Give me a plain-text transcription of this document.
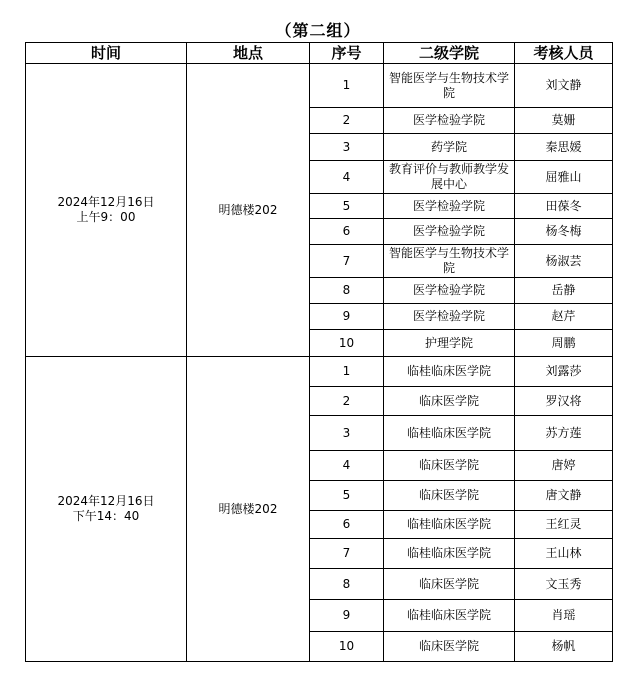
（第二组）
时间	地点	序号	二级学院	考核人员

2024年12月16日
上午9：00	明德楼202	1	智能医学与生物技术学院	刘文静
		2	医学检验学院	莫姗
		3	药学院	秦思媛
		4	教育评价与教师教学发展中心	屈雅山
		5	医学检验学院	田葆冬
		6	医学检验学院	杨冬梅
		7	智能医学与生物技术学院	杨淑芸
		8	医学检验学院	岳静
		9	医学检验学院	赵芹
		10	护理学院	周鹏

2024年12月16日
下午14：40	明德楼202	1	临桂临床医学院	刘露莎
		2	临床医学院	罗汉将
		3	临桂临床医学院	苏方莲
		4	临床医学院	唐婷
		5	临床医学院	唐文静
		6	临桂临床医学院	王红灵
		7	临桂临床医学院	王山林
		8	临床医学院	文玉秀
		9	临桂临床医学院	肖瑶
		10	临床医学院	杨帆
